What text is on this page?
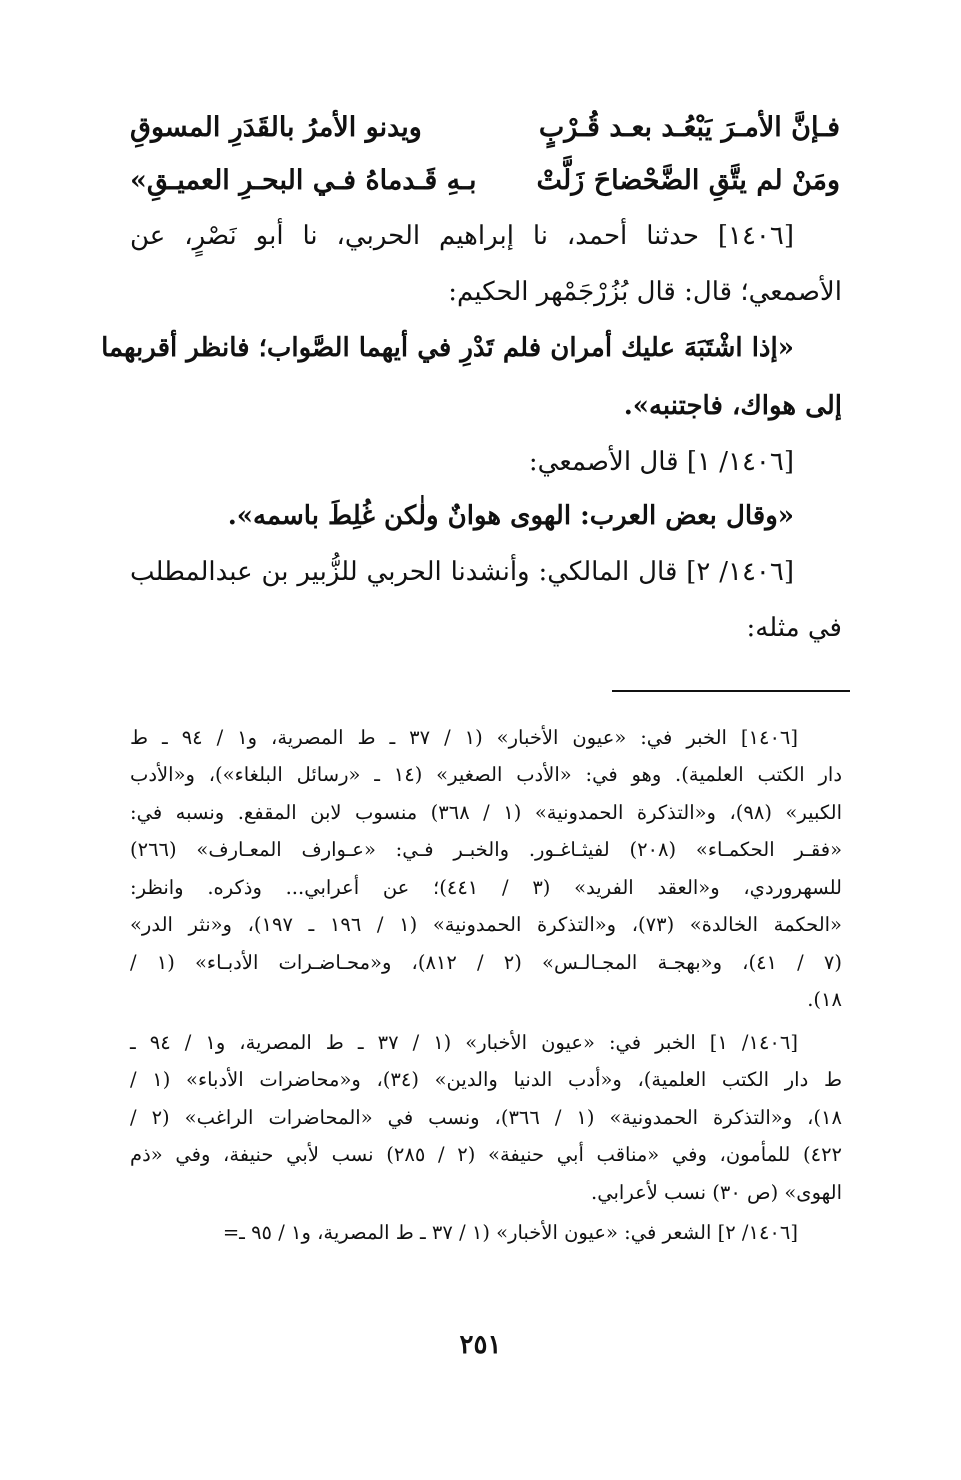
فـإنَّ الأمـرَ يَبْعُـد بعـد قُـرْبٍ
ويدنو الأمرُ بالقَدَرِ المسوقِ
ومَنْ لم يتَّقِ الضَّحْضاحَ زَلَّتْ
بـهِ قَـدماهُ فـي البحـرِ العميـقِ»
[١٤٠٦] حدثنا أحمد، نا إبراهيم الحربي، نا أبو نَصْرٍ، عن
الأصمعي؛ قال: قال بُزُرْجَمْهر الحكيم:
«إذا اشْتَبَهَ عليك أمران فلم تَدْرِ في أيهما الصَّواب؛ فانظر أقربهما
إلى هواك، فاجتنبه».
[١٤٠٦/ ١] قال الأصمعي:
«وقال بعض العرب: الهوى هوانٌ ولٰكن غُلِطَ باسمه».
[١٤٠٦/ ٢] قال المالكي: وأنشدنا الحربي للزُّبير بن عبدالمطلب
في مثله:
[١٤٠٦] الخبر في: «عيون الأخبار» (١ / ٣٧ ـ ط المصرية، و١ / ٩٤ ـ ط
دار الكتب العلمية). وهو في: «الأدب الصغير» (١٤ ـ «رسائل البلغاء»)، و«الأدب
الكبير» (٩٨)، و«التذكرة الحمدونية» (١ / ٣٦٨) منسوب لابن المقفع. ونسبه في:
«فقـر الحكمـاء» (٢٠٨) لفيثـاغـور. والخبـر فـي: «عـوارف المعـارف» (٢٦٦)
للسهروردي، و«العقد الفريد» (٣ / ٤٤١)؛ عن أعرابي... وذكره. وانظر:
«الحكمة الخالدة» (٧٣)، و«التذكرة الحمدونية» (١ / ١٩٦ ـ ١٩٧)، و«نثر الدر»
(٧ / ٤١)، و«بهجـة المجـالـس» (٢ / ٨١٢)، و«محـاضـرات الأدبـاء» (١ /
١٨).
[١٤٠٦/ ١] الخبر في: «عيون الأخبار» (١ / ٣٧ ـ ط المصرية، و١ / ٩٤ ـ
ط دار الكتب العلمية)، و«أدب الدنيا والدين» (٣٤)، و«محاضرات الأدباء» (١ /
١٨)، و«التذكرة الحمدونية» (١ / ٣٦٦)، ونسب في «المحاضرات الراغب» (٢ /
٤٢٢) للمأمون، وفي «مناقب أبي حنيفة» (٢ / ٢٨٥) نسب لأبي حنيفة، وفي «ذم
الهوى» (ص ٣٠) نسب لأعرابي.
[١٤٠٦/ ٢] الشعر في: «عيون الأخبار» (١ / ٣٧ ـ ط المصرية، و١ / ٩٥ ـ=
٢٥١
